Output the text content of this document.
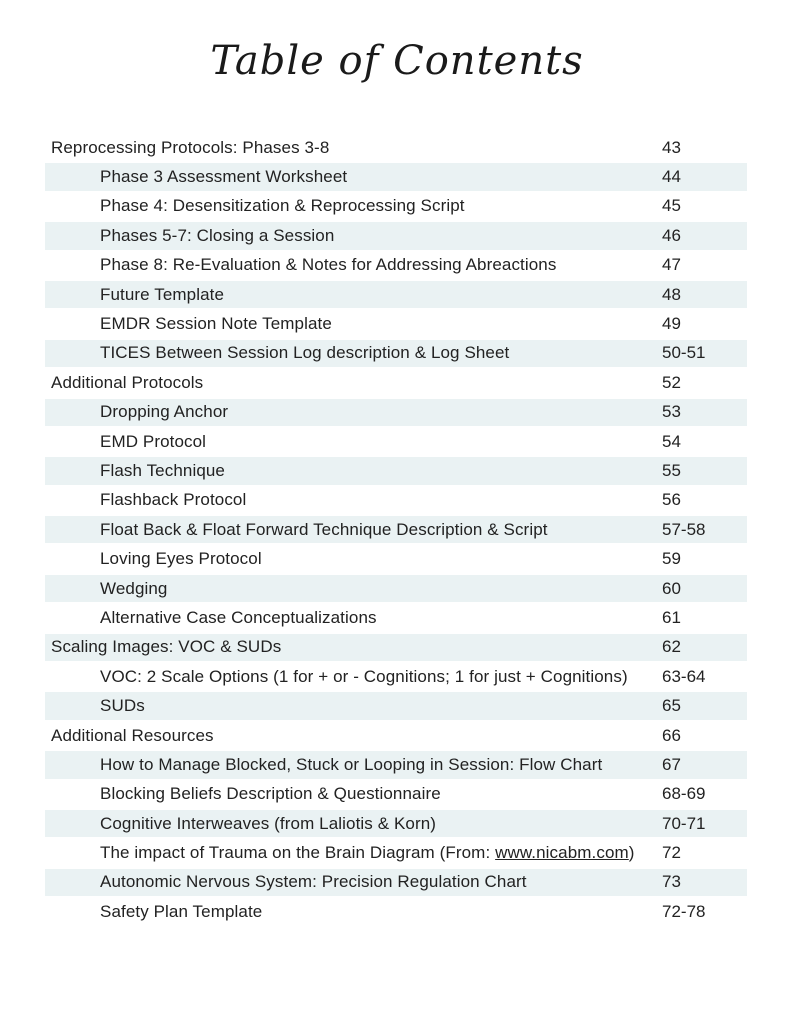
Table of Contents
Reprocessing Protocols: Phases 3-8	43
Phase 3 Assessment Worksheet	44
Phase 4: Desensitization & Reprocessing Script	45
Phases 5-7: Closing a Session	46
Phase 8: Re-Evaluation & Notes for Addressing Abreactions	47
Future Template	48
EMDR Session Note Template	49
TICES Between Session Log description & Log Sheet	50-51
Additional Protocols	52
Dropping Anchor	53
EMD Protocol	54
Flash Technique	55
Flashback Protocol	56
Float Back & Float Forward Technique Description & Script	57-58
Loving Eyes Protocol	59
Wedging	60
Alternative Case Conceptualizations	61
Scaling Images: VOC & SUDs	62
VOC: 2 Scale Options (1 for + or - Cognitions; 1 for just + Cognitions) 63-64
SUDs	65
Additional Resources	66
How to Manage Blocked, Stuck or Looping in Session: Flow Chart	67
Blocking Beliefs Description & Questionnaire	68-69
Cognitive Interweaves (from Laliotis & Korn)	70-71
The impact of Trauma on the Brain Diagram (From: www.nicabm.com) 72
Autonomic Nervous System: Precision Regulation Chart	73
Safety Plan Template	72-78
